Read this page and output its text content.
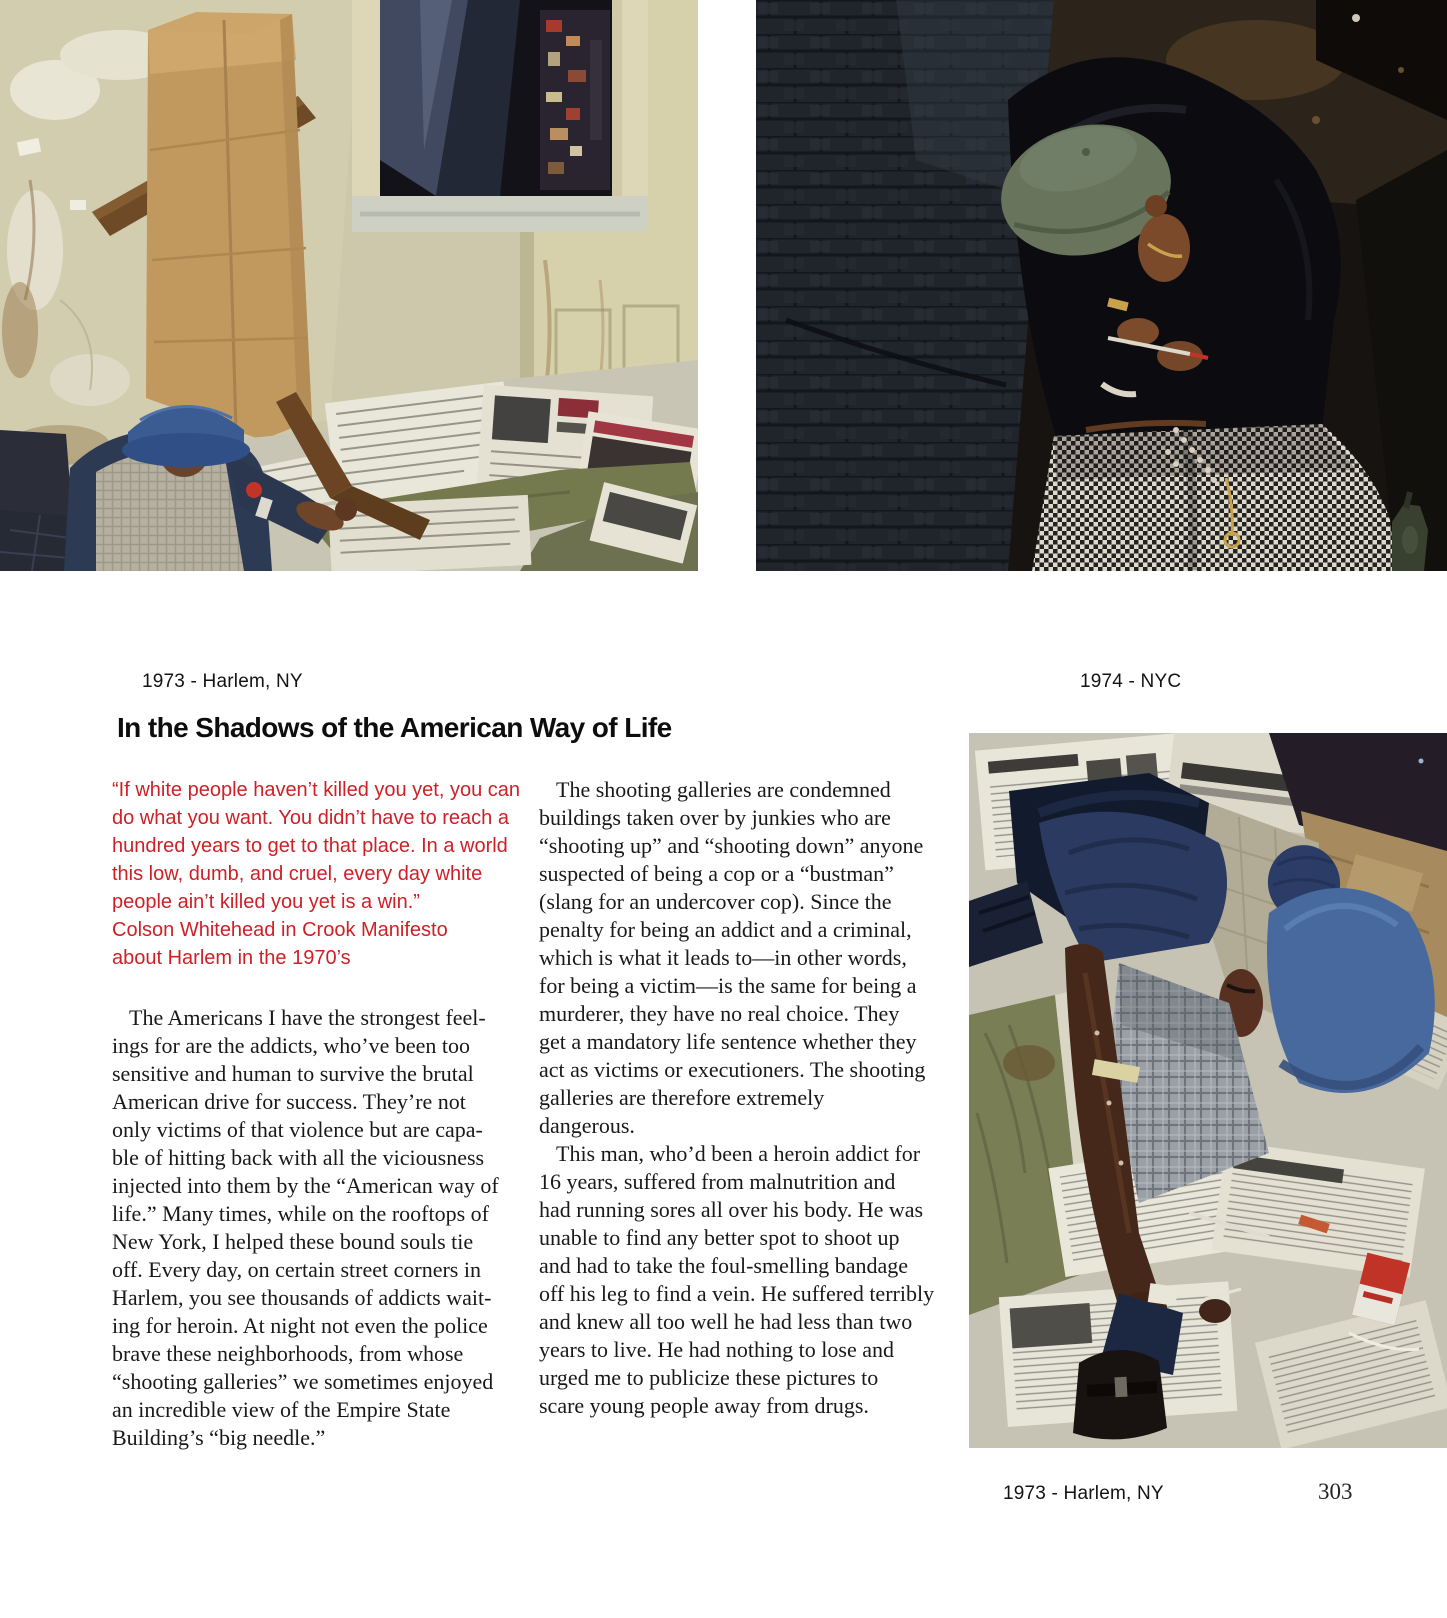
1973 - Harlem, NY	1974 - NYC
In the Shadows of the American Way of Life
“If white people haven’t killed you yet, you can
do what you want. You didn’t have to reach a
hundred years to get to that place. In a world
this low, dumb, and cruel, every day white
people ain’t killed you yet is a win.”
Colson Whitehead in Crook Manifesto
about Harlem in the 1970’s
The Americans I have the strongest feel-
ings for are the addicts, who’ve been too
sensitive and human to survive the brutal
American drive for success. They’re not
only victims of that violence but are capa-
ble of hitting back with all the viciousness
injected into them by the “American way of
life.” Many times, while on the rooftops of
New York, I helped these bound souls tie
off. Every day, on certain street corners in
Harlem, you see thousands of addicts wait-
ing for heroin. At night not even the police
brave these neighborhoods, from whose
“shooting galleries” we sometimes enjoyed
an incredible view of the Empire State
Building’s “big needle.”
The shooting galleries are condemned
buildings taken over by junkies who are
“shooting up” and “shooting down” anyone
suspected of being a cop or a “bustman”
(slang for an undercover cop). Since the
penalty for being an addict and a criminal,
which is what it leads to—in other words,
for being a victim—is the same for being a
murderer, they have no real choice. They
get a mandatory life sentence whether they
act as victims or executioners. The shooting
galleries are therefore extremely
dangerous.
This man, who’d been a heroin addict for
16 years, suffered from malnutrition and
had running sores all over his body. He was
unable to find any better spot to shoot up
and had to take the foul-smelling bandage
off his leg to find a vein. He suffered terribly
and knew all too well he had less than two
years to live. He had nothing to lose and
urged me to publicize these pictures to
scare young people away from drugs.
1973 - Harlem, NY	303
